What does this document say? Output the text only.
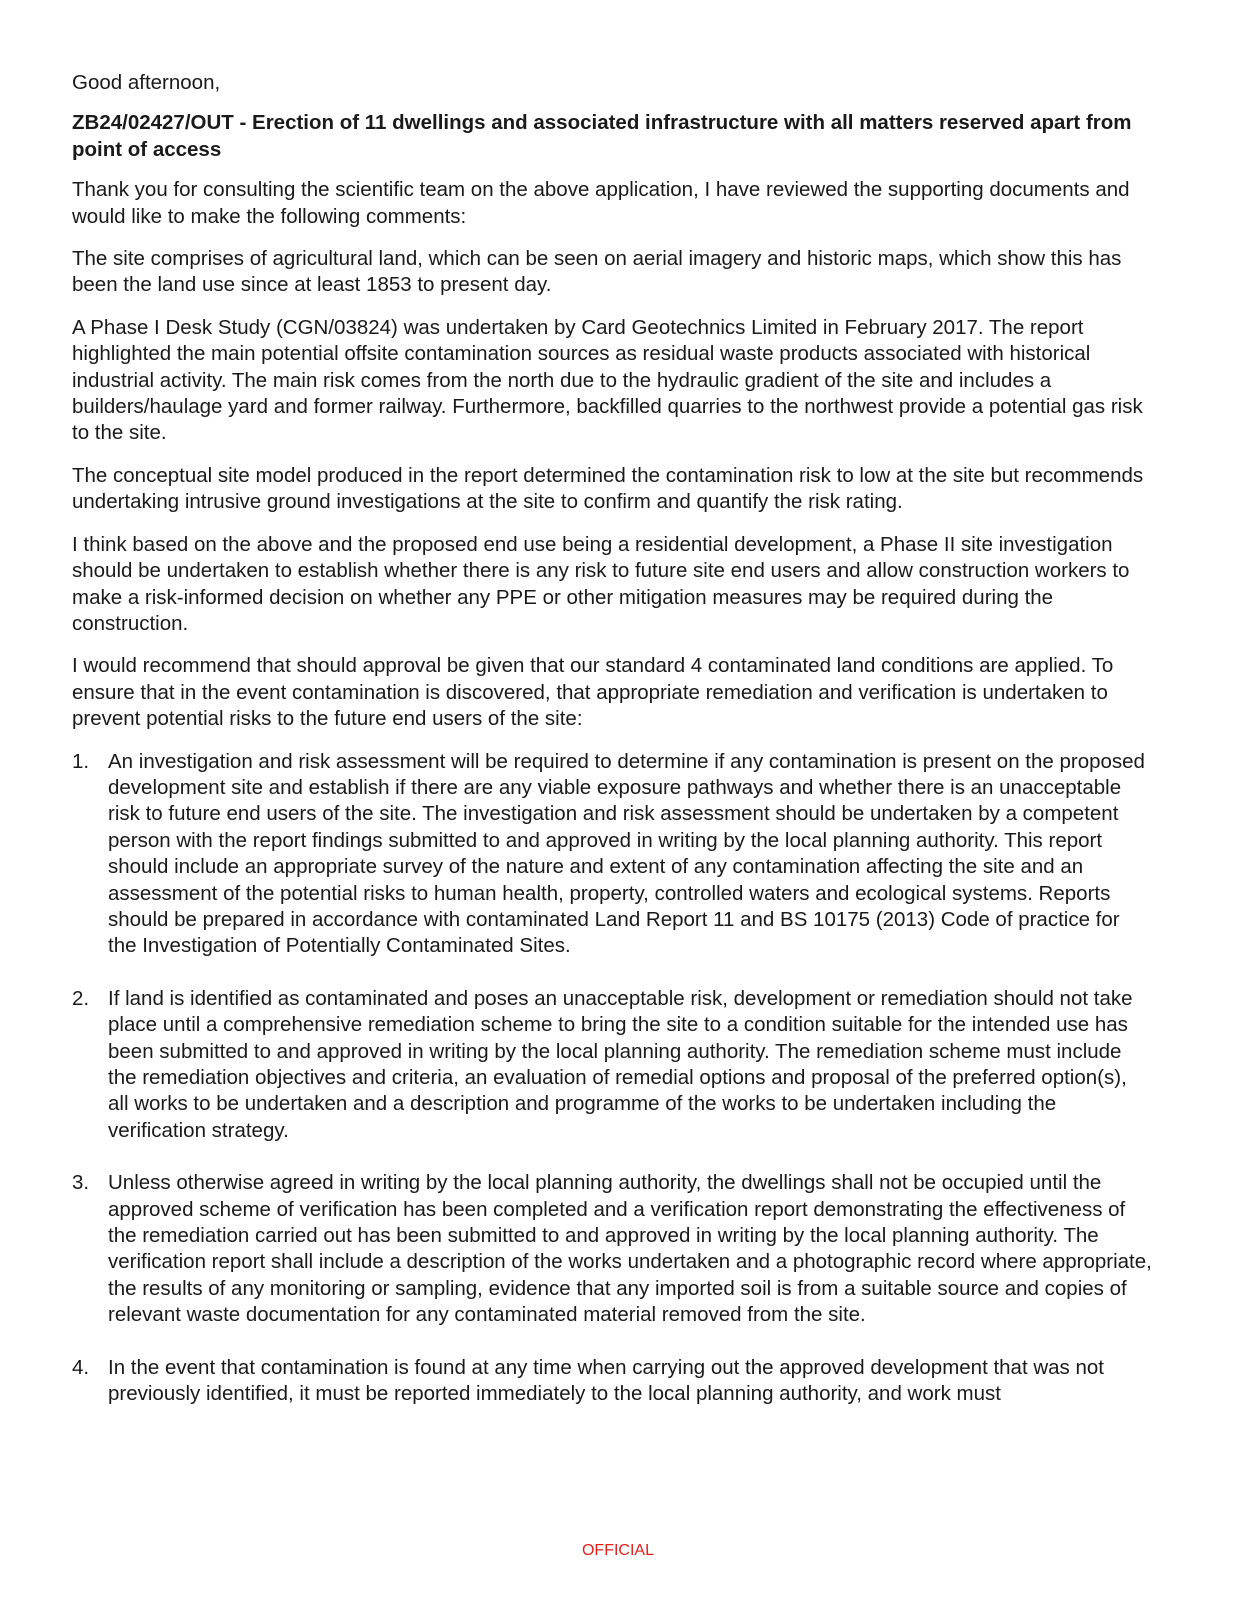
Good afternoon,

ZB24/02427/OUT - Erection of 11 dwellings and associated infrastructure with all matters reserved apart from point of access

Thank you for consulting the scientific team on the above application, I have reviewed the supporting documents and would like to make the following comments:

The site comprises of agricultural land, which can be seen on aerial imagery and historic maps, which show this has been the land use since at least 1853 to present day.

A Phase I Desk Study (CGN/03824) was undertaken by Card Geotechnics Limited in February 2017. The report highlighted the main potential offsite contamination sources as residual waste products associated with historical industrial activity. The main risk comes from the north due to the hydraulic gradient of the site and includes a builders/haulage yard and former railway. Furthermore, backfilled quarries to the northwest provide a potential gas risk to the site.

The conceptual site model produced in the report determined the contamination risk to low at the site but recommends undertaking intrusive ground investigations at the site to confirm and quantify the risk rating.

I think based on the above and the proposed end use being a residential development, a Phase II site investigation should be undertaken to establish whether there is any risk to future site end users and allow construction workers to make a risk-informed decision on whether any PPE or other mitigation measures may be required during the construction.

I would recommend that should approval be given that our standard 4 contaminated land conditions are applied. To ensure that in the event contamination is discovered, that appropriate remediation and verification is undertaken to prevent potential risks to the future end users of the site:

1. An investigation and risk assessment will be required to determine if any contamination is present on the proposed development site and establish if there are any viable exposure pathways and whether there is an unacceptable risk to future end users of the site. The investigation and risk assessment should be undertaken by a competent person with the report findings submitted to and approved in writing by the local planning authority. This report should include an appropriate survey of the nature and extent of any contamination affecting the site and an assessment of the potential risks to human health, property, controlled waters and ecological systems. Reports should be prepared in accordance with contaminated Land Report 11 and BS 10175 (2013) Code of practice for the Investigation of Potentially Contaminated Sites.
2. If land is identified as contaminated and poses an unacceptable risk, development or remediation should not take place until a comprehensive remediation scheme to bring the site to a condition suitable for the intended use has been submitted to and approved in writing by the local planning authority. The remediation scheme must include the remediation objectives and criteria, an evaluation of remedial options and proposal of the preferred option(s), all works to be undertaken and a description and programme of the works to be undertaken including the verification strategy.
3. Unless otherwise agreed in writing by the local planning authority, the dwellings shall not be occupied until the approved scheme of verification has been completed and a verification report demonstrating the effectiveness of the remediation carried out has been submitted to and approved in writing by the local planning authority. The verification report shall include a description of the works undertaken and a photographic record where appropriate, the results of any monitoring or sampling, evidence that any imported soil is from a suitable source and copies of relevant waste documentation for any contaminated material removed from the site.
4. In the event that contamination is found at any time when carrying out the approved development that was not previously identified, it must be reported immediately to the local planning authority, and work must
OFFICIAL
